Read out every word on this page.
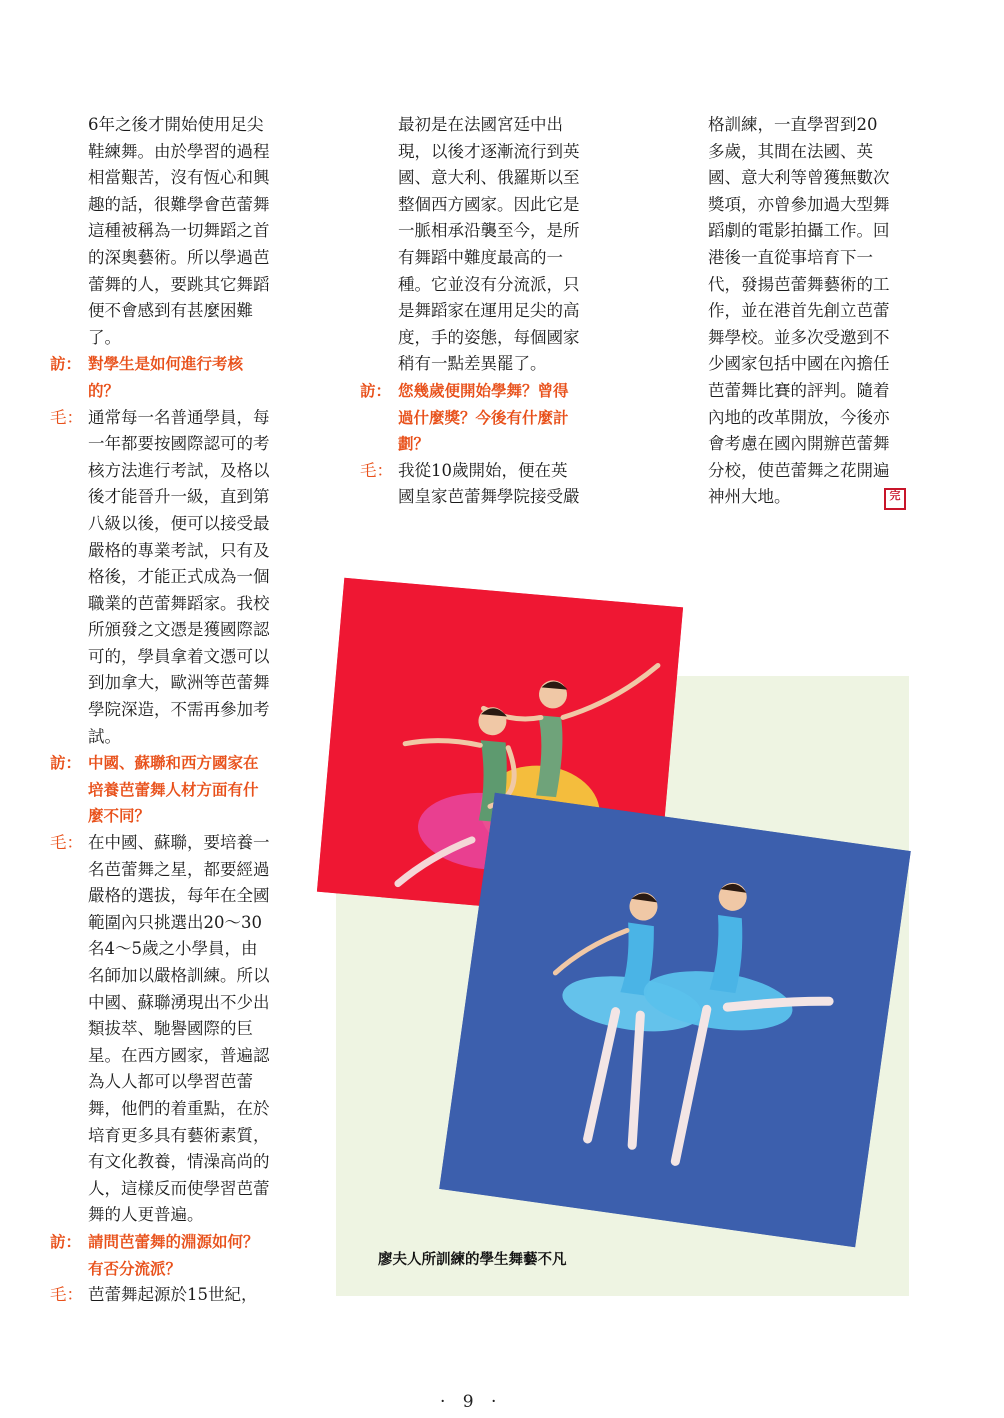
6年之後才開始使用足尖
鞋練舞。由於學習的過程
相當艱苦，沒有恆心和興
趣的話，很難學會芭蕾舞
這種被稱為一切舞蹈之首
的深奧藝術。所以學過芭
蕾舞的人，要跳其它舞蹈
便不會感到有甚麼困難
了。
訪： 對學生是如何進行考核
的？
毛： 通常每一名普通學員，每
一年都要按國際認可的考
核方法進行考試，及格以
後才能晉升一級，直到第
八級以後，便可以接受最
嚴格的專業考試，只有及
格後，才能正式成為一個
職業的芭蕾舞蹈家。我校
所頒發之文憑是獲國際認
可的，學員拿着文憑可以
到加拿大，歐洲等芭蕾舞
學院深造，不需再參加考
試。
訪： 中國、蘇聯和西方國家在
培養芭蕾舞人材方面有什
麼不同？
毛： 在中國、蘇聯，要培養一
名芭蕾舞之星，都要經過
嚴格的選拔，每年在全國
範圍內只挑選出20～30
名4～5歲之小學員，由
名師加以嚴格訓練。所以
中國、蘇聯湧現出不少出
類拔萃、馳譽國際的巨
星。在西方國家，普遍認
為人人都可以學習芭蕾
舞，他們的着重點，在於
培育更多具有藝術素質，
有文化教養，情澡高尚的
人，這樣反而使學習芭蕾
舞的人更普遍。
訪： 請問芭蕾舞的淵源如何？
有否分流派？
毛： 芭蕾舞起源於15世紀，
最初是在法國宮廷中出
現，以後才逐漸流行到英
國、意大利、俄羅斯以至
整個西方國家。因此它是
一脈相承沿襲至今，是所
有舞蹈中難度最高的一
種。它並沒有分流派，只
是舞蹈家在運用足尖的高
度，手的姿態，每個國家
稍有一點差異罷了。
訪： 您幾歲便開始學舞？曾得
過什麼獎？今後有什麼計
劃？
毛： 我從10歲開始，便在英
國皇家芭蕾舞學院接受嚴
格訓練，一直學習到20
多歲，其間在法國、英
國、意大利等曾獲無數次
獎項，亦曾參加過大型舞
蹈劇的電影拍攝工作。回
港後一直從事培育下一
代，發揚芭蕾舞藝術的工
作，並在港首先創立芭蕾
舞學校。並多次受邀到不
少國家包括中國在內擔任
芭蕾舞比賽的評判。隨着
內地的改革開放，今後亦
會考慮在國內開辦芭蕾舞
分校，使芭蕾舞之花開遍
神州大地。	完
廖夫人所訓練的學生舞藝不凡
· 9 ·
